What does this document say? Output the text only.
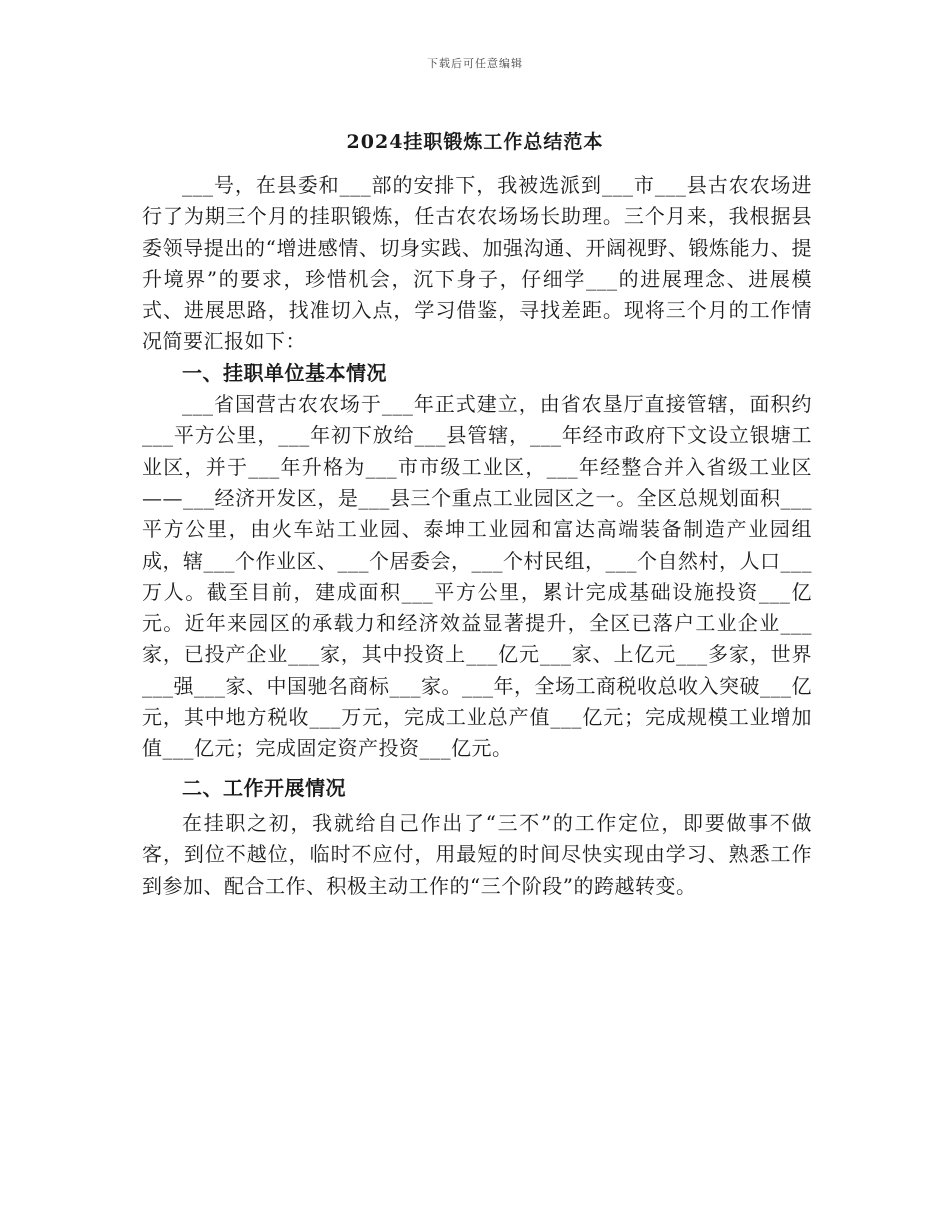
下载后可任意编辑
2024挂职锻炼工作总结范本

___号，在县委和___部的安排下，我被选派到___市___县古农农场进行了为期三个月的挂职锻炼，任古农农场场长助理。三个月来，我根据县委领导提出的“增进感情、切身实践、加强沟通、开阔视野、锻炼能力、提升境界”的要求，珍惜机会，沉下身子，仔细学___的进展理念、进展模式、进展思路，找准切入点，学习借鉴，寻找差距。现将三个月的工作情况简要汇报如下：

一、挂职单位基本情况

___省国营古农农场于___年正式建立，由省农垦厅直接管辖，面积约___平方公里，___年初下放给___县管辖，___年经市政府下文设立银塘工业区，并于___年升格为___市市级工业区，___年经整合并入省级工业区——___经济开发区，是___县三个重点工业园区之一。全区总规划面积___平方公里，由火车站工业园、泰坤工业园和富达高端装备制造产业园组成，辖___个作业区、___个居委会，___个村民组，___个自然村，人口___万人。截至目前，建成面积___平方公里，累计完成基础设施投资___亿元。近年来园区的承载力和经济效益显著提升，全区已落户工业企业___家，已投产企业___家，其中投资上___亿元___家、上亿元___多家，世界___强___家、中国驰名商标___家。___年，全场工商税收总收入突破___亿元，其中地方税收___万元，完成工业总产值___亿元；完成规模工业增加值___亿元；完成固定资产投资___亿元。

二、工作开展情况

在挂职之初，我就给自己作出了“三不”的工作定位，即要做事不做客，到位不越位，临时不应付，用最短的时间尽快实现由学习、熟悉工作到参加、配合工作、积极主动工作的“三个阶段”的跨越转变。
